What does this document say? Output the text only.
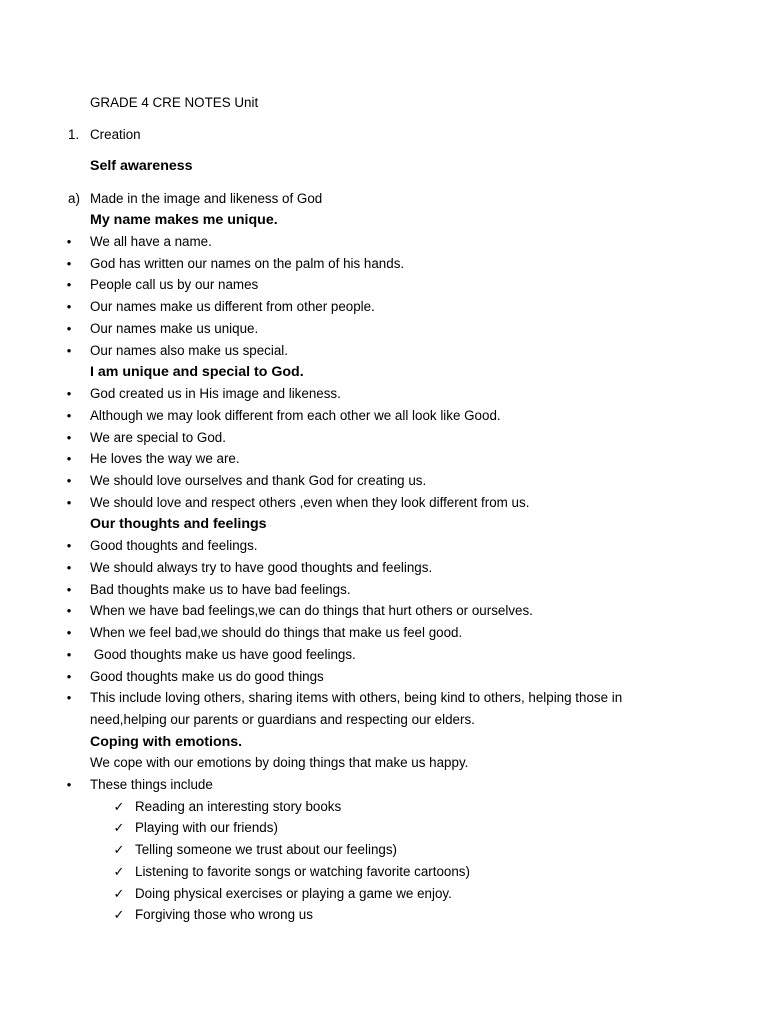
GRADE 4 CRE NOTES Unit
1. Creation
Self awareness
a) Made in the image and likeness of God
My name makes me unique.
• We all have a name.
• God has written our names on the palm of his hands.
• People call us by our names
• Our names make us different from other people.
• Our names make us unique.
• Our names also make us special.
I am unique and special to God.
• God created us in His image and likeness.
• Although we may look different from each other we all look like Good.
• We are special to God.
• He loves the way we are.
• We should love ourselves and thank God for creating us.
• We should love and respect others ,even when they look different from us.
Our thoughts and feelings
• Good thoughts and feelings.
• We should always try to have good thoughts and feelings.
• Bad thoughts make us to have bad feelings.
• When we have bad feelings,we can do things that hurt others or ourselves.
• When we feel bad,we should do things that make us feel good.
• Good thoughts make us have good feelings.
• Good thoughts make us do good things
• This include loving others, sharing items with others, being kind to others, helping those in
need,helping our parents or guardians and respecting our elders.
Coping with emotions.
We cope with our emotions by doing things that make us happy.
• These things include
✓ Reading an interesting story books
✓ Playing with our friends)
✓ Telling someone we trust about our feelings)
✓ Listening to favorite songs or watching favorite cartoons)
✓ Doing physical exercises or playing a game we enjoy.
✓ Forgiving those who wrong us
